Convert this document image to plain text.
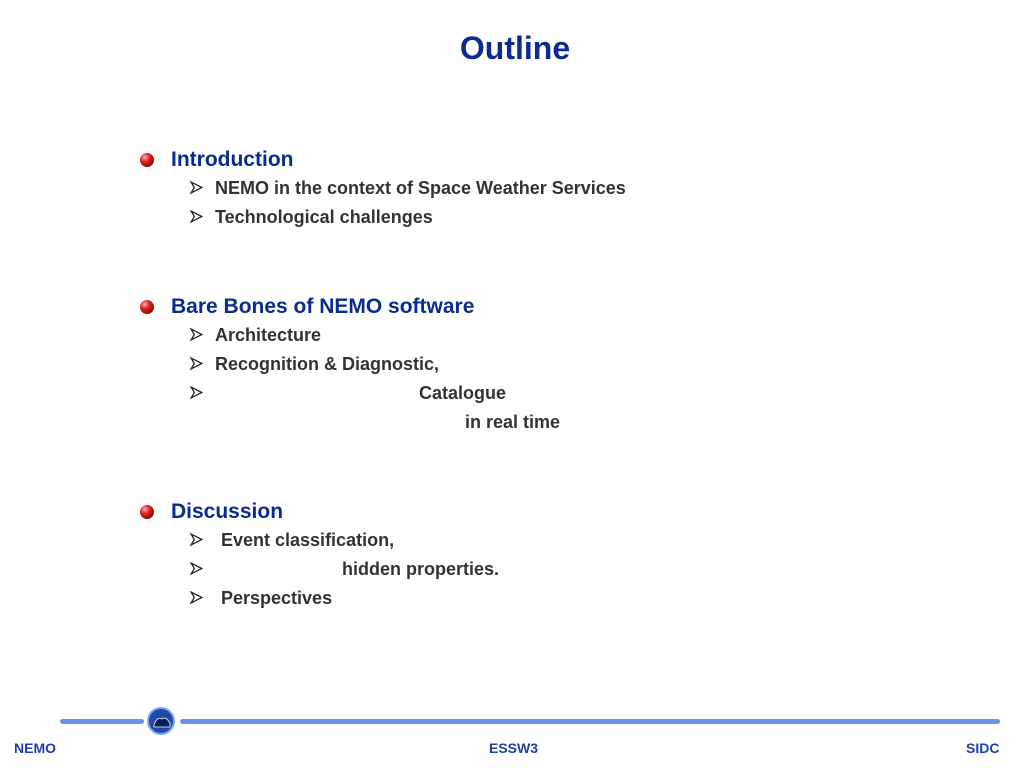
Outline
Introduction
NEMO in the context of Space Weather Services
Technological challenges
Bare Bones of NEMO software
Architecture
Recognition & Diagnostic,
Catalogue
in real time
Discussion
Event classification,
hidden properties.
Perspectives
NEMO	ESSW3	SIDC
